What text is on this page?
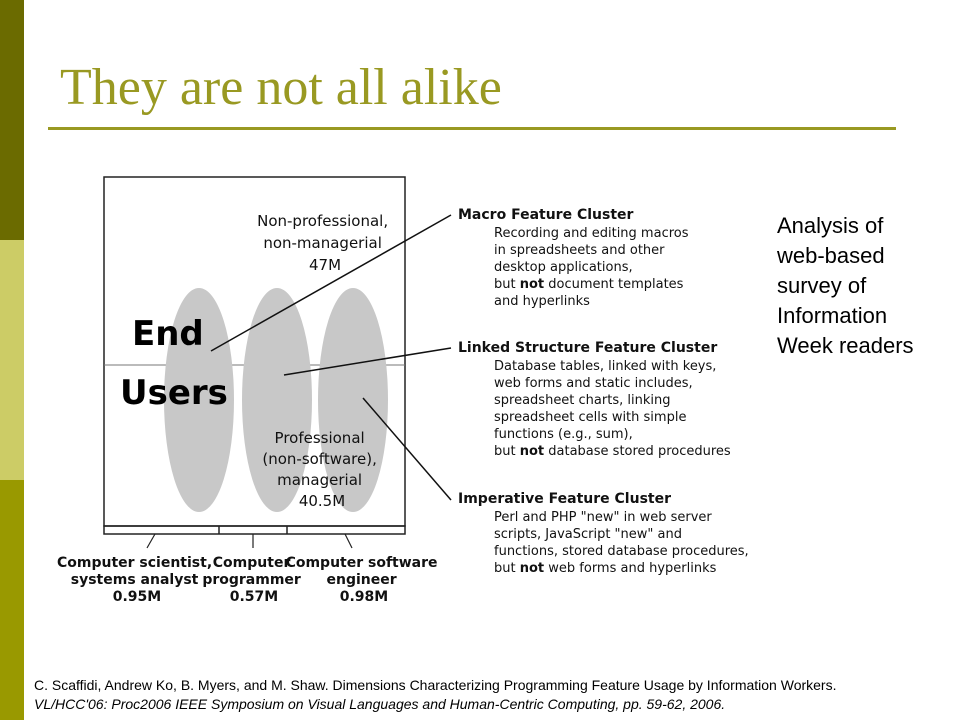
They are not all alike
End
Users
Non-professional, non-managerial 47M
Professional (non-software), managerial 40.5M
Computer scientist, systems analyst 0.95M
Computer programmer 0.57M
Computer software engineer 0.98M
Macro Feature Cluster
Recording and editing macros
in spreadsheets and other
desktop applications,
but not document templates
and hyperlinks
Linked Structure Feature Cluster
Database tables, linked with keys,
web forms and static includes,
spreadsheet charts, linking
spreadsheet cells with simple
functions (e.g., sum),
but not database stored procedures
Imperative Feature Cluster
Perl and PHP "new" in web server
scripts, JavaScript "new" and
functions, stored database procedures,
but not web forms and hyperlinks
Analysis of web-based survey of Information Week readers
C. Scaffidi, Andrew Ko, B. Myers, and M. Shaw. Dimensions Characterizing Programming Feature Usage by Information Workers.
VL/HCC'06: Proc2006 IEEE Symposium on Visual Languages and Human-Centric Computing, pp. 59-62, 2006.
